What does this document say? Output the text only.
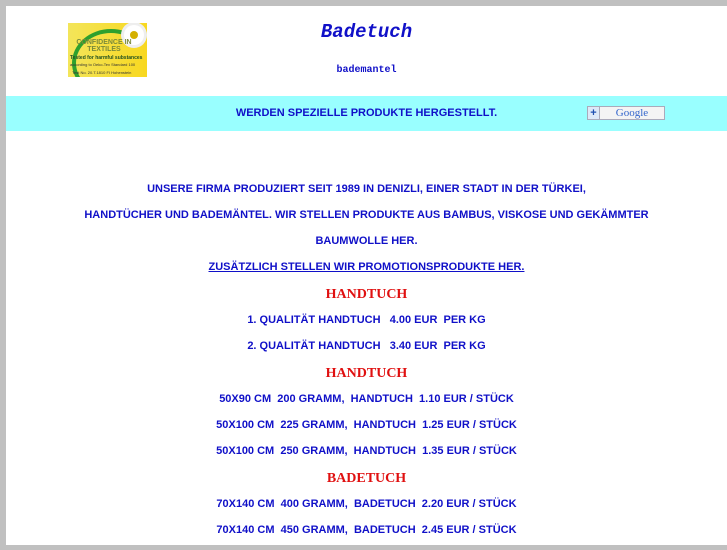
CONFIDENCE IN TEXTILES
Tested for harmful substances
according to Oeko-Tex Standard 100
Test No. 20.T.1810 FI Hohenstein
Badetuch
bademantel
WERDEN SPEZIELLE PRODUKTE HERGESTELLT.	+	Google
UNSERE FIRMA PRODUZIERT SEIT 1989 IN DENIZLI, EINER STADT IN DER TÜRKEI,
HANDTÜCHER UND BADEMÄNTEL. WIR STELLEN PRODUKTE AUS BAMBUS, VISKOSE UND GEKÄMMTER
BAUMWOLLE HER.
ZUSÄTZLICH STELLEN WIR PROMOTIONSPRODUKTE HER.
HANDTUCH
1. QUALITÄT HANDTUCH   4.00 EUR  PER KG
2. QUALITÄT HANDTUCH   3.40 EUR  PER KG
HANDTUCH
50X90 CM  200 GRAMM,  HANDTUCH  1.10 EUR / STÜCK
50X100 CM  225 GRAMM,  HANDTUCH  1.25 EUR / STÜCK
50X100 CM  250 GRAMM,  HANDTUCH  1.35 EUR / STÜCK
BADETUCH
70X140 CM  400 GRAMM,  BADETUCH  2.20 EUR / STÜCK
70X140 CM  450 GRAMM,  BADETUCH  2.45 EUR / STÜCK
